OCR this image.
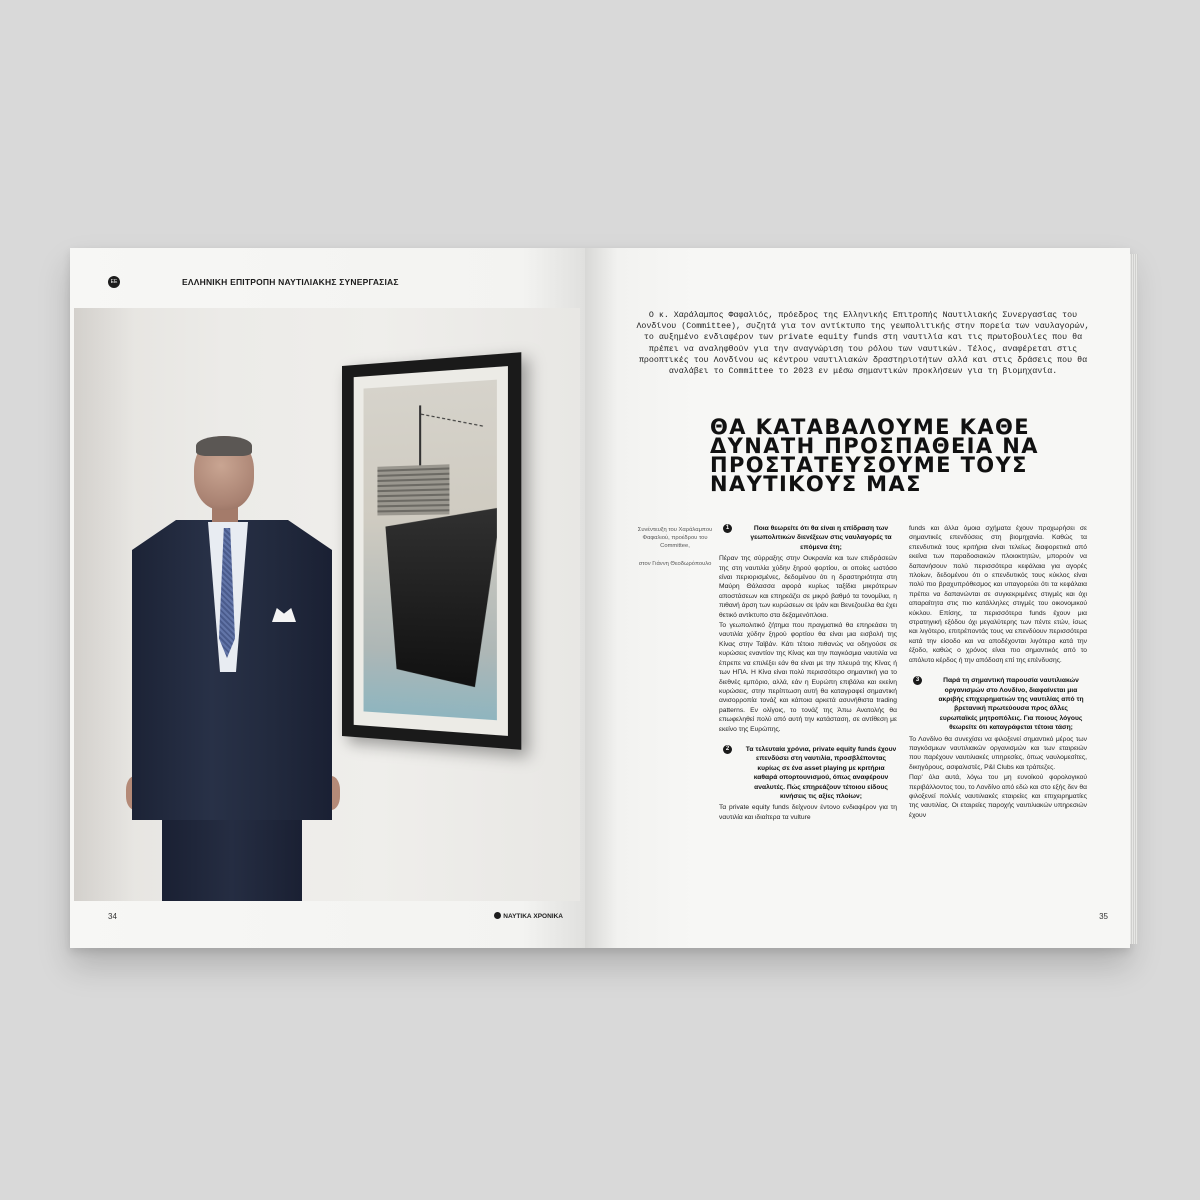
ΕΕ	ΕΛΛΗΝΙΚΗ ΕΠΙΤΡΟΠΗ ΝΑΥΤΙΛΙΑΚΗΣ ΣΥΝΕΡΓΑΣΙΑΣ
34	ΝΑΥΤΙΚΑ ΧΡΟΝΙΚΑ
Ο κ. Χαράλαμπος Φαφαλιός, πρόεδρος της Ελληνικής Επιτροπής Ναυτιλιακής Συνεργασίας του Λονδίνου (Committee), συζητά για τον αντίκτυπο της γεωπολιτικής στην πορεία των ναυλαγορών, το αυξημένο ενδιαφέρον των private equity funds στη ναυτιλία και τις πρωτοβουλίες που θα πρέπει να αναληφθούν για την αναγνώριση του ρόλου των ναυτικών. Τέλος, αναφέρεται στις προοπτικές του Λονδίνου ως κέντρου ναυτιλιακών δραστηριοτήτων αλλά και στις δράσεις που θα αναλάβει το Committee το 2023 εν μέσω σημαντικών προκλήσεων για τη βιομηχανία.
ΘΑ ΚΑΤΑΒΑΛΟΥΜΕ ΚΑΘΕ ΔΥΝΑΤΗ ΠΡΟΣΠΑΘΕΙΑ ΝΑ ΠΡΟΣΤΑΤΕΥΣΟΥΜΕ ΤΟΥΣ ΝΑΥΤΙΚΟΥΣ ΜΑΣ
Συνέντευξη του Χαράλαμπου Φαφαλιού, προέδρου του Committee,
στον Γιάννη Θεοδωρόπουλο
1	Ποια θεωρείτε ότι θα είναι η επίδραση των γεωπολιτικών διενέξεων στις ναυλαγορές τα επόμενα έτη;
Πέραν της σύρραξης στην Ουκρανία και των επιδράσεών της στη ναυτιλία χύδην ξηρού φορτίου, οι οποίες ωστόσο είναι περιορισμένες, δεδομένου ότι η δραστηριότητα στη Μαύρη Θάλασσα αφορά κυρίως ταξίδια μικρότερων αποστάσεων και επηρεάζει σε μικρό βαθμό τα τονομίλια, η πιθανή άρση των κυρώσεων σε Ιράν και Βενεζουέλα θα έχει θετικό αντίκτυπο στα δεξαμενόπλοια.
Το γεωπολιτικό ζήτημα που πραγματικά θα επηρεάσει τη ναυτιλία χύδην ξηρού φορτίου θα είναι μια εισβολή της Κίνας στην Ταϊβάν. Κάτι τέτοιο πιθανώς να οδηγούσε σε κυρώσεις εναντίον της Κίνας και την παγκόσμια ναυτιλία να έπρεπε να επιλέξει εάν θα είναι με την πλευρά της Κίνας ή των ΗΠΑ. Η Κίνα είναι πολύ περισσότερο σημαντική για το διεθνές εμπόριο, αλλά, εάν η Ευρώπη επιβάλει και εκείνη κυρώσεις, στην περίπτωση αυτή θα καταγραφεί σημαντική ανισορροπία τονάζ και κάποια αρκετά ασυνήθιστα trading patterns. Εν ολίγοις, το τονάζ της Άπω Ανατολής θα επωφεληθεί πολύ από αυτή την κατάσταση, σε αντίθεση με εκείνο της Ευρώπης.
2	Τα τελευταία χρόνια, private equity funds έχουν επενδύσει στη ναυτιλία, προσβλέποντας κυρίως σε ένα asset playing με κριτήρια καθαρά οπορτουνισμού, όπως αναφέρουν αναλυτές. Πώς επηρεάζουν τέτοιου είδους κινήσεις τις αξίες πλοίων;
Τα private equity funds δείχνουν έντονο ενδιαφέρον για τη ναυτιλία και ιδιαίτερα τα vulture
funds και άλλα όμοια σχήματα έχουν προχωρήσει σε σημαντικές επενδύσεις στη βιομηχανία. Καθώς τα επενδυτικά τους κριτήρια είναι τελείως διαφορετικά από εκείνα των παραδοσιακών πλοιοκτητών, μπορούν να δαπανήσουν πολύ περισσότερα κεφάλαια για αγορές πλοίων, δεδομένου ότι ο επενδυτικός τους κύκλος είναι πολύ πιο βραχυπρόθεσμος και υπαγορεύει ότι τα κεφάλαια πρέπει να δαπανώνται σε συγκεκριμένες στιγμές και όχι απαραίτητα στις πιο κατάλληλες στιγμές του οικονομικού κύκλου. Επίσης, τα περισσότερα funds έχουν μια στρατηγική εξόδου όχι μεγαλύτερης των πέντε ετών, ίσως και λιγότερο, επιτρέποντάς τους να επενδύουν περισσότερα κατά την είσοδο και να αποδέχονται λιγότερα κατά την έξοδο, καθώς ο χρόνος είναι πιο σημαντικός από το απόλυτο κέρδος ή την απόδοση επί της επένδυσης.
3	Παρά τη σημαντική παρουσία ναυτιλιακών οργανισμών στο Λονδίνο, διαφαίνεται μια ακριβής επιχειρηματιών της ναυτιλίας από τη βρετανική πρωτεύουσα προς άλλες ευρωπαϊκές μητροπόλεις. Για ποιους λόγους θεωρείτε ότι καταγράφεται τέτοια τάση;
Το Λονδίνο θα συνεχίσει να φιλοξενεί σημαντικό μέρος των παγκόσμιων ναυτιλιακών οργανισμών και των εταιρειών που παρέχουν ναυτιλιακές υπηρεσίες, όπως ναυλομεσίτες, δικηγόρους, ασφαλιστές, P&I Clubs και τράπεζες.
Παρ' όλα αυτά, λόγω του μη ευνοϊκού φορολογικού περιβάλλοντος του, το Λονδίνο από εδώ και στο εξής δεν θα φιλοξενεί πολλές ναυτιλιακές εταιρείες και επιχειρηματίες της ναυτιλίας. Οι εταιρείες παροχής ναυτιλιακών υπηρεσιών έχουν
35
